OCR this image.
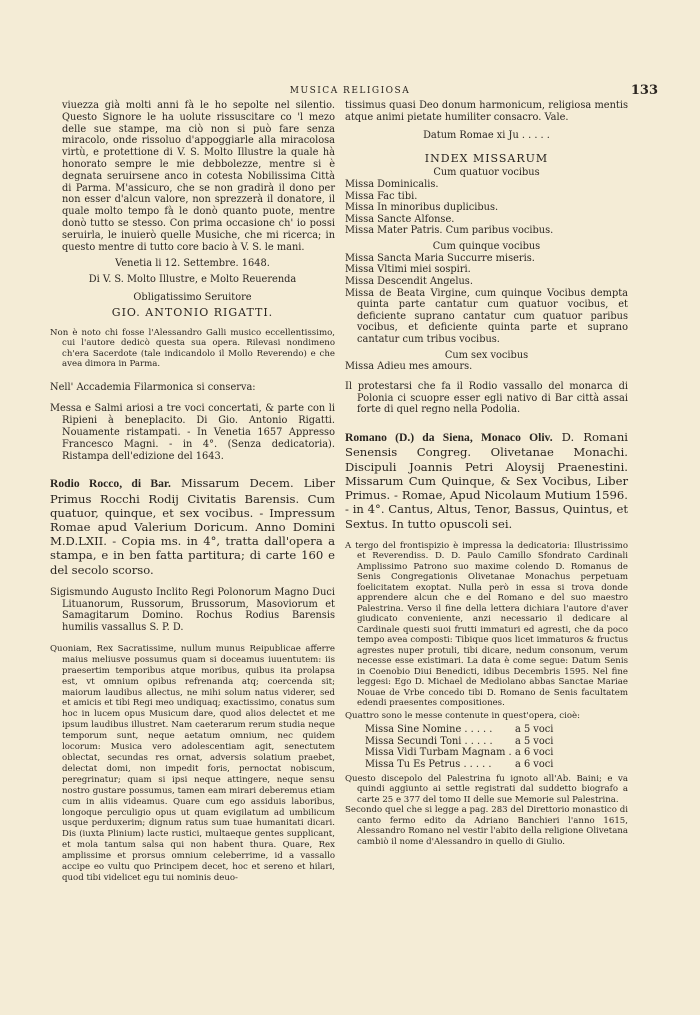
MUSICA RELIGIOSA	133

viuezza già molti anni fà le ho sepolte nel silentio. Questo Signore le ha uolute rissuscitare co 'l mezo delle sue stampe, ma ciò non si può fare senza miracolo, onde rissoluo d'appoggiarle alla miracolosa virtù, e protettione di V. S. Molto Illustre la quale hà honorato sempre le mie debbolezze, mentre si è degnata seruirsene anco in cotesta Nobilissima Città di Parma. M'assicuro, che se non gradirà il dono per non esser d'alcun valore, non sprezzerà il donatore, il quale molto tempo fà le donò quanto puote, mentre donò tutto se stesso. Con prima occasione ch' io possi seruirla, le inuierò quelle Musiche, che mi ricerca; in questo mentre di tutto core bacio à V. S. le mani.

Venetia li 12. Settembre. 1648.

Di V. S. Molto Illustre, e Molto Reuerenda

Obligatissimo Seruitore

GIO. ANTONIO RIGATTI.

Non è noto chi fosse l'Alessandro Galli musico eccellentissimo, cui l'autore dedicò questa sua opera. Rilevasi nondimeno ch'era Sacerdote (tale indicandolo il Mollo Reverendo) e che avea dimora in Parma.

Nell' Accademia Filarmonica si conserva:

Messa e Salmi ariosi a tre voci concertati, & parte con li Ripieni à beneplacito. Di Gio. Antonio Rigatti. Nouamente ristampati. - In Venetia 1657 Appresso Francesco Magni. - in 4°. (Senza dedicatoria). Ristampa dell'edizione del 1643.

Rodio Rocco, di Bar. Missarum Decem. Liber Primus Rocchi Rodij Civitatis Barensis. Cum quatuor, quinque, et sex vocibus. - Impressum Romae apud Valerium Doricum. Anno Domini M.D.LXII. - Copia ms. in 4°, tratta dall'opera a stampa, e in ben fatta partitura; di carte 160 e del secolo scorso.

Sigismundo Augusto Inclito Regi Polonorum Magno Duci Lituanorum, Russorum, Brussorum, Masoviorum et Samagitarum Domino. Rochus Rodius Barensis humilis vassallus S. P. D.

Quoniam, Rex Sacratissime, nullum munus Reipublicae afferre maius meliusve possumus quam si doceamus iuuentutem: iis praesertim temporibus atque moribus, quibus ita prolapsa est, vt omnium opibus refrenanda atq; coercenda sit; maiorum laudibus allectus, ne mihi solum natus viderer, sed et amicis et tibi Regi meo undiquaq; exactissimo, conatus sum hoc in lucem opus Musicum dare, quod alios delectet et me ipsum laudibus illustret. Nam caeterarum rerum studia neque temporum sunt, neque aetatum omnium, nec quidem locorum: Musica vero adolescentiam agit, senectutem oblectat, secundas res ornat, adversis solatium praebet, delectat domi, non impedit foris, pernoctat nobiscum, peregrinatur; quam si ipsi neque attingere, neque sensu nostro gustare possumus, tamen eam mirari deberemus etiam cum in aliis videamus. Quare cum ego assiduis laboribus, longoque perculigio opus ut quam evigilatum ad umbilicum usque perduxerim; dignum ratus sum tuae humanitati dicari. Dis (iuxta Plinium) lacte rustici, multaeque gentes supplicant, et mola tantum salsa qui non habent thura. Quare, Rex amplissime et prorsus omnium celeberrime, id a vassallo accipe eo vultu quo Principem decet, hoc et sereno et hilari, quod tibi videlicet egu tui nominis deuo-

tissimus quasi Deo donum harmonicum, religiosa mentis atque animi pietate humiliter consacro. Vale.

Datum Romae xi Ju . . . . .

INDEX MISSARUM

Cum quatuor vocibus

Missa Dominicalis.

Missa Fac tibi.

Missa In minoribus duplicibus.

Missa Sancte Alfonse.

Missa Mater Patris. Cum paribus vocibus.

Cum quinque vocibus

Missa Sancta Maria Succurre miseris.

Missa Vltimi miei sospiri.

Missa Descendit Angelus.

Missa de Beata Virgine, cum quinque Vocibus dempta quinta parte cantatur cum quatuor vocibus, et deficiente suprano cantatur cum quatuor paribus vocibus, et deficiente quinta parte et suprano cantatur cum tribus vocibus.

Cum sex vocibus

Missa Adieu mes amours.

Il protestarsi che fa il Rodio vassallo del monarca di Polonia ci scuopre esser egli nativo di Bar città assai forte di quel regno nella Podolia.

Romano (D.) da Siena, Monaco Oliv. D. Romani Senensis Congreg. Olivetanae Monachi. Discipuli Joannis Petri Aloysij Praenestini. Missarum Cum Quinque, & Sex Vocibus, Liber Primus. - Romae, Apud Nicolaum Mutium 1596. - in 4°. Cantus, Altus, Tenor, Bassus, Quintus, et Sextus. In tutto opuscoli sei.

A tergo del frontispizio è impressa la dedicatoria: Illustrissimo et Reverendiss. D. D. Paulo Camillo Sfondrato Cardinali Amplissimo Patrono suo maxime colendo D. Romanus de Senis Congregationis Olivetanae Monachus perpetuam foelicitatem exoptat. Nulla però in essa si trova donde apprendere alcun che e del Romano e del suo maestro Palestrina. Verso il fine della lettera dichiara l'autore d'aver giudicato conveniente, anzi necessario il dedicare al Cardinale questi suoi frutti immaturi ed agresti, che da poco tempo avea composti: Tibique quos licet immaturos & fructus agrestes nuper protuli, tibi dicare, nedum consonum, verum necesse esse existimari. La data è come segue: Datum Senis in Coenobio Diui Benedicti, idibus Decembris 1595. Nel fine leggesi: Ego D. Michael de Mediolano abbas Sanctae Mariae Nouae de Vrbe concedo tibi D. Romano de Senis facultatem edendi praesentes compositiones.

Quattro sono le messe contenute in quest'opera, cioè:

Missa Sine Nomine . . . . .	a 5 voci
Missa Secundi Toni . . . . .	a 5 voci
Missa Vidi Turbam Magnam . a 6 voci
Missa Tu Es Petrus . . . . .	a 6 voci

Questo discepolo del Palestrina fu ignoto all'Ab. Baini; e va quindi aggiunto ai settle registrati dal suddetto biografo a carte 25 e 377 del tomo II delle sue Memorie sul Palestrina.

Secondo quel che si legge a pag. 283 del Direttorio monastico di canto fermo edito da Adriano Banchieri l'anno 1615, Alessandro Romano nel vestir l'abito della religione Olivetana cambiò il nome d'Alessandro in quello di Giulio.
